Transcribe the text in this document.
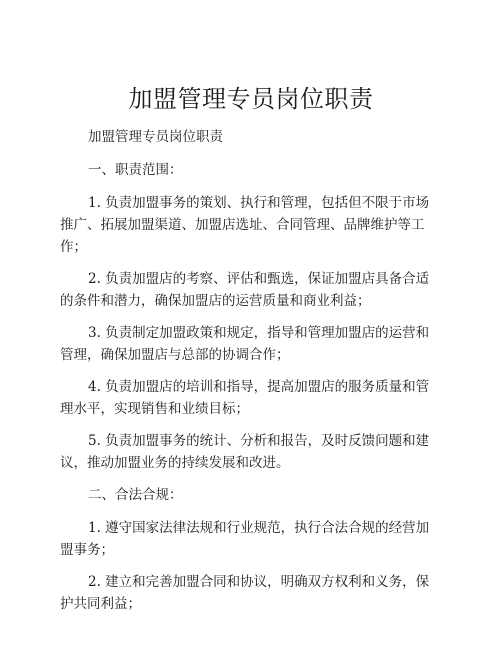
加盟管理专员岗位职责

加盟管理专员岗位职责

一、职责范围：

1. 负责加盟事务的策划、执行和管理，包括但不限于市场推广、拓展加盟渠道、加盟店选址、合同管理、品牌维护等工作；

2. 负责加盟店的考察、评估和甄选，保证加盟店具备合适的条件和潜力，确保加盟店的运营质量和商业利益；

3. 负责制定加盟政策和规定，指导和管理加盟店的运营和管理，确保加盟店与总部的协调合作；

4. 负责加盟店的培训和指导，提高加盟店的服务质量和管理水平，实现销售和业绩目标；

5. 负责加盟事务的统计、分析和报告，及时反馈问题和建议，推动加盟业务的持续发展和改进。

二、合法合规：

1. 遵守国家法律法规和行业规范，执行合法合规的经营加盟事务；

2. 建立和完善加盟合同和协议，明确双方权利和义务，保护共同利益；
